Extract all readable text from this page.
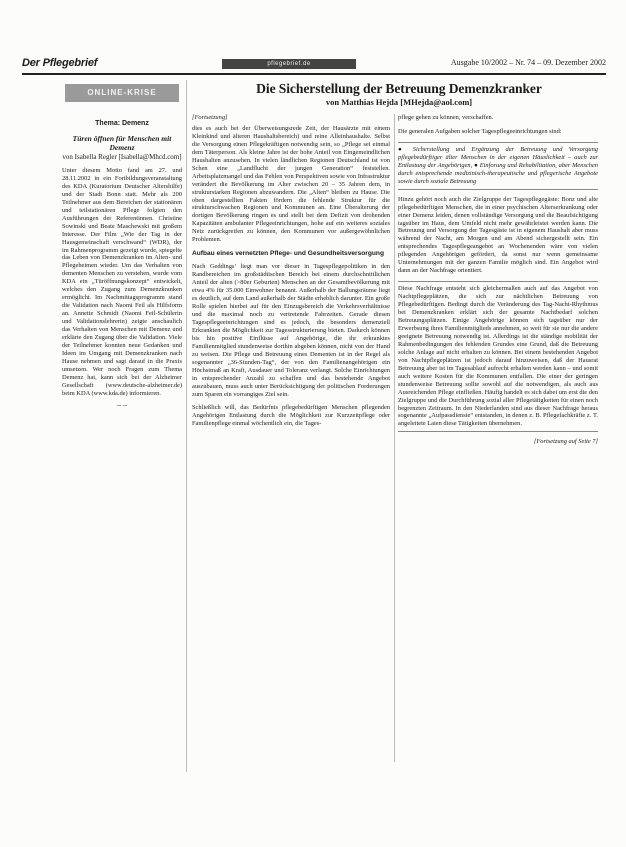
Der Pflegebrief	pflegebrief.de	Ausgabe 10/2002 – Nr. 74 – 09. Dezember 2002
ONLINE-KRISE
Thema: Demenz
Türen öffnen für Menschen mit Demenz
von Isabella Regler [Isabella@Mhcd.com]
Unter diesem Motto fand am 27. und 28.11.2002 in ein Fortbildungsveranstaltung des KDA (Kuratorium Deutscher Altershilfe) und der Stadt Bonn statt. Mehr als 200 Teilnehmer aus dem Bereichen der stationären und teilstationären Pflege folgten den Ausführungen der Referentinnen. Christine Sowinski und Beate Maschewski mit großem Interesse. Der Film „Wie der Tag in der Hausgemeinschaft verschwand“ (WDR), der im Rahmenprogramm gezeigt wurde, spiegelte das Leben von Demenzkranken im Alten- und Pflegeheimen wieder. Um das Verhalten von dementen Menschen zu verstehen, wurde vom KDA ein „Türöffnungskonzept“ entwickelt, welches den Zugang zum Demenzkranken ermöglicht. Im Nachmittagsprogramm stand die Validation nach Naomi Feil als Hilfsform an. Annette Schmidt (Naomi Feil-Schülerin und Validationslehrerin) zeigte anschaulich das Verhalten von Menschen mit Demenz und erklärte den Zugang über die Validation. Viele der Teilnehmer konnten neue Gedanken und Ideen im Umgang mit Demenzkranken nach Hause nehmen und sagt darauf in die Praxis umsetzen. Wer noch Fragen zum Thema Demenz hat, kann sich bei der Alzheimer Gesellschaft (www.deutsche-alzheimer.de) beim KDA (www.kda.de) informieren.
– –
Die Sicherstellung der Betreuung Demenzkranker
von Matthias Hejda [MHejda@aol.com]

[Fortsetzung]

dies es auch bei der Überweisungsrede Zeit, der Hausärzte mit einem Kleinkind und älteren Haushaltsbereich) und reine Alleinhaushalte. Selbst die Versorgung einen Pflegekräftigen notwendig sein, so „Pflege sei einmal dem Täterperson. Als kleine Jahre ist der hohe Anteil von Eingemeindlichen Haushalten anzusehen. In vielen ländlichen Regionen Deutschland ist von Schen eine „Landflucht der jungen Generation“ feststellen. Arbeitsplatzmangel und das Fehlen von Perspektiven sowie von Infrastruktur verändert die Bevölkerung im Alter zwischen 20 – 35 Jahren dem, in strukturstarken Regionen abzuwandern. Die „Alten“ bleiben zu Hause. Die oben dargestellten Fakten fördern die fehlende Struktur für die strukturschwachen Regionen und Kommunen an. Eine Überalterung der dortigen Bevölkerung ringen es und stellt bei dem Defizit von drohenden Kapazitäten ambulanter Pflegeeinrichtungen, hohe auf ein weiteres soziales Netz zurückgreifen zu können, den Kommunen vor außergewöhnlichen Problemen.

Aufbau eines vernetzten Pflege- und Gesundheitsversorgung

Nach Geddings’ liegt man vor dieser in Tagespflegepolitiken in den Randbereichen im großstädtischen Bereich bei einem durchschnittlichen Anteil der alten (>80er Geburten) Menschen an der Gesamtbevölkerung mit etwa 4% für 35.000 Einwohner benannt. Außerhalb der Ballungsräume liegt es deutlich, auf dem Land außerhalb der Städte erheblich darunter. Ein große Rolle spielen hierbei auf für den Einzugsbereich die Verkehrsverhältnisse und die maximal noch zu vertretende Fahrzeiten. Gerade diesen Tagespflegeeinrichtungen sind es jedoch, die besonders demenziell Erkrankten die Möglichkeit zur Tagesstrukturierung bieten. Dadurch können bis hin positive Einflüsse auf Angehörige, die ihr erkranktes Familienmitglied stundenweise dorthin abgeben können, nicht von der Hand zu weisen. Die Pflege und Betreuung eines Dementen ist in der Regel als sogenannter „36-Stunden-Tag“, der von den Familienangehörigen ein Höchstmaß an Kraft, Ausdauer und Toleranz verlangt. Solche Einrichtungen in entsprechender Anzahl zu schaffen und das bestehende Angebot auszubauen, muss auch unter Berücksichtigung der politischen Forderungen zum Sparen ein vorrangiges Ziel sein.

Schließlich will, das Bedürfnis pflegebedürftigen Menschen pflegenden Angehörigen Entlastung durch die Möglichkeit zur Kurzzeitpflege oder Familienpflege einmal wöchentlich ein, die Tages-

pflege gehen zu können, verschaffen.

Die generalen Aufgaben solcher Tagespflegeeinrichtungen sind:

● Sicherstellung und Ergänzung der Betreuung und Versorgung pflegebedürftiger älter Menschen in der eigenen Häuslichkeit – auch zur Entlastung der Angehörigen, ● Einforung und Rehabilitation, aber Menschen durch entsprechende medizinisch-therapeutische und pflegerische Angebote sowie durch soziale Betreuung

Hinzu gehört noch auch die Zielgruppe der Tagespflegegäste: Bonz und alte pflegebedürftigen Menschen, die in einer psychischen Alterserkrankung oder einer Demenz leiden, denen vollständige Versorgung und die Beaufsichtigung tagsüber im Haus, dem Umfeld nicht mehr gewährleistet werden kann. Die Betreuung und Versorgung der Tagesgäste ist in eigenem Haushalt aber muss während der Nacht, am Morgen und am Abend sichergestellt sein. Ein entsprechendes Tagespflegeangebot an Wochenenden wäre von vielen pflegenden Angehörigen gefördert, da sonst nur wenn gemeinsame Unternehmungen mit der ganzen Familie möglich sind. Ein Angebot wird dann an der Nachfrage orientiert.

Diese Nachfrage entsteht sich gleichermaßen auch auf das Angebot von Nachtpflegeplätzen, die sich zur nächtlichen Betreuung von Pflegebedürftigen. Bedingt durch die Veränderung des Tag-Nacht-Rhythmus bei Demenzkranken erklärt sich der gesamte Nachtbedarf solchen Betreuungsplätzen. Einige Angehörige können sich tagsüber nur der Erwerbsung ihres Familienmitglieds annehmen, so weit für sie nur die andere geeignete Betreuung notwendig ist. Allerdings ist die ständige mobilität der Rahmenbedingungen des fehlenden Grundes eine Grund, daß die Betreuung solche Anlage auf nicht erhalten zu können. Bei einem bestehenden Angebot von Nachtpflegeplätzen ist jedoch darauf hinzuweisen, daß der Hausrat Betreuung aber ist im Tagesablauf aufrecht erhalten werden kann – und somit auch weitere Kosten für die Kommunen entfallen. Die einer der geringen stundenweise Betreuung sollte sowohl auf die notwendigen, als auch aus Ausreichenden Pflege einfließen. Häufig handelt es sich dabei um erst die den Zielgruppe und die Durchführung sozial aller Pflegetätigkeiten für einen noch begrenzten Zeitraum. In den Niederlanden sind aus dieser Nachfrage heraus sogenannte „Aufpassdienste“ entstanden, in denen z. B. Pflegefachkräfte z. T. angeleitete Laien diese Tätigkeiten übernehmen.

[Fortsetzung auf Seite 7]
